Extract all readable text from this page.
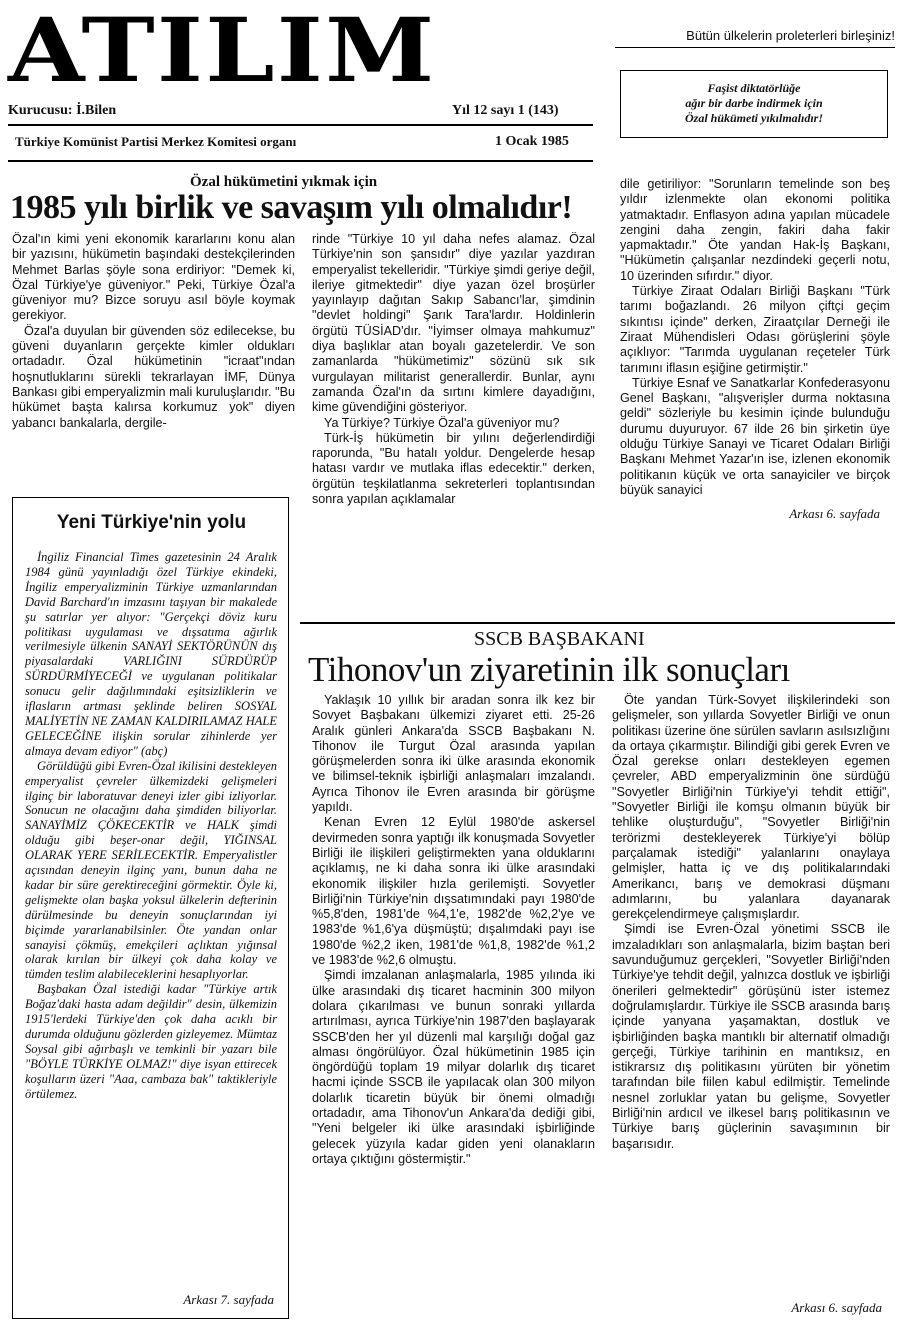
ATILIM	Bütün ülkelerin proleterleri birleşiniz!
Kurucusu: İ.Bilen	Yıl 12 sayı 1 (143)
Türkiye Komünist Partisi Merkez Komitesi organı	1 Ocak 1985
Faşist diktatörlüğe
ağır bir darbe indirmek için
Özal hükümeti yıkılmalıdır!
Özal hükümetini yıkmak için
1985 yılı birlik ve savaşım yılı olmalıdır!

Özal'ın kimi yeni ekonomik kararlarını konu alan bir yazısını, hükümetin başındaki destekçilerinden Mehmet Barlas şöyle sona erdiriyor: "Demek ki, Özal Türkiye'ye güveniyor." Peki, Türkiye Özal'a güveniyor mu? Bizce soruyu asıl böyle koymak gerekiyor.

Özal'a duyulan bir güvenden söz edilecekse, bu güveni duyanların gerçekte kimler oldukları ortadadır. Özal hükümetinin "icraat"ından hoşnutluklarını sürekli tekrarlayan İMF, Dünya Bankası gibi emperyalizmin mali kuruluşlarıdır. "Bu hükümet başta kalırsa korkumuz yok" diyen yabancı bankalarla, dergile-

rinde "Türkiye 10 yıl daha nefes alamaz. Özal Türkiye'nin son şansıdır" diye yazılar yazdıran emperyalist tekelleridir. "Türkiye şimdi geriye değil, ileriye gitmektedir" diye yazan özel broşürler yayınlayıp dağıtan Sakıp Sabancı'lar, şimdinin "devlet holdingi" Şarık Tara'lardır. Holdinlerin örgütü TÜSİAD'dır. "İyimser olmaya mahkumuz" diya başlıklar atan boyalı gazetelerdir. Ve son zamanlarda "hükümetimiz" sözünü sık sık vurgulayan militarist generallerdir. Bunlar, aynı zamanda Özal'ın da sırtını kimlere dayadığını, kime güvendiğini gösteriyor.

Ya Türkiye? Türkiye Özal'a güveniyor mu?

Türk-İş hükümetin bir yılını değerlendirdiği raporunda, "Bu hatalı yoldur. Dengelerde hesap hatası vardır ve mutlaka iflas edecektir." derken, örgütün teşkilatlanma sekreterleri toplantısından sonra yapılan açıklamalar

dile getiriliyor: "Sorunların temelinde son beş yıldır izlenmekte olan ekonomi politika yatmaktadır. Enflasyon adına yapılan mücadele zengini daha zengin, fakiri daha fakir yapmaktadır." Öte yandan Hak-İş Başkanı, "Hükümetin çalışanlar nezdindeki geçerli notu, 10 üzerinden sıfırdır." diyor.

Türkiye Ziraat Odaları Birliği Başkanı "Türk tarımı boğazlandı. 26 milyon çiftçi geçim sıkıntısı içinde" derken, Ziraatçılar Derneği ile Ziraat Mühendisleri Odası görüşlerini şöyle açıklıyor: "Tarımda uygulanan reçeteler Türk tarımını iflasın eşiğine getirmiştir."

Türkiye Esnaf ve Sanatkarlar Konfederasyonu Genel Başkanı, "alışverişler durma noktasına geldi" sözleriyle bu kesimin içinde bulunduğu durumu duyuruyor. 67 ilde 26 bin şirketin üye olduğu Türkiye Sanayi ve Ticaret Odaları Birliği Başkanı Mehmet Yazar'ın ise, izlenen ekonomik politikanın küçük ve orta sanayiciler ve birçok büyük sanayici

Arkası 6. sayfada
Yeni Türkiye'nin yolu

İngiliz Financial Times gazetesinin 24 Aralık 1984 günü yayınladığı özel Türkiye ekindeki, İngiliz emperyalizminin Türkiye uzmanlarından David Barchard'ın imzasını taşıyan bir makalede şu satırlar yer alıyor: "Gerçekçi döviz kuru politikası uygulaması ve dışsatıma ağırlık verilmesiyle ülkenin SANAYİ SEKTÖRÜNÜN dış piyasalardaki VARLIĞINI SÜRDÜRÜP SÜRDÜRMİYECEĞİ ve uygulanan politikalar sonucu gelir dağılımındaki eşitsizliklerin ve iflasların artması şeklinde beliren SOSYAL MALİYETİN NE ZAMAN KALDIRILAMAZ HALE GELECEĞİNE ilişkin sorular zihinlerde yer almaya devam ediyor" (abç)

Görüldüğü gibi Evren-Özal ikilisini destekleyen emperyalist çevreler ülkemizdeki gelişmeleri ilginç bir laboratuvar deneyi izler gibi izliyorlar. Sonucun ne olacağını daha şimdiden biliyorlar. SANAYİMİZ ÇÖKECEKTİR ve HALK şimdi olduğu gibi beşer-onar değil, YIĞINSAL OLARAK YERE SERİLECEKTİR. Emperyalistler açısından deneyin ilginç yanı, bunun daha ne kadar bir süre gerektireceğini görmektir. Öyle ki, gelişmekte olan başka yoksul ülkelerin defterinin dürülmesinde bu deneyin sonuçlarından iyi biçimde yararlanabilsinler. Öte yandan onlar sanayisi çökmüş, emekçileri açlıktan yığınsal olarak kırılan bir ülkeyi çok daha kolay ve tümden teslim alabileceklerini hesaplıyorlar.

Başbakan Özal istediği kadar "Türkiye artık Boğaz'daki hasta adam değildir" desin, ülkemizin 1915'lerdeki Türkiye'den çok daha acıklı bir durumda olduğunu gözlerden gizleyemez. Mümtaz Soysal gibi ağırbaşlı ve temkinli bir yazarı bile "BÖYLE TÜRKİYE OLMAZ!" diye isyan ettirecek koşulların üzeri "Aaa, cambaza bak" taktikleriyle örtülemez.

Arkası 7. sayfada
SSCB BAŞBAKANI
Tihonov'un ziyaretinin ilk sonuçları

Yaklaşık 10 yıllık bir aradan sonra ilk kez bir Sovyet Başbakanı ülkemizi ziyaret etti. 25-26 Aralık günleri Ankara'da SSCB Başbakanı N. Tihonov ile Turgut Özal arasında yapılan görüşmelerden sonra iki ülke arasında ekonomik ve bilimsel-teknik işbirliği anlaşmaları imzalandı. Ayrıca Tihonov ile Evren arasında bir görüşme yapıldı.

Kenan Evren 12 Eylül 1980'de askersel devirmeden sonra yaptığı ilk konuşmada Sovyetler Birliği ile ilişkileri geliştirmekten yana olduklarını açıklamış, ne ki daha sonra iki ülke arasındaki ekonomik ilişkiler hızla gerilemişti. Sovyetler Birliği'nin Türkiye'nin dışsatımındaki payı 1980'de %5,8'den, 1981'de %4,1'e, 1982'de %2,2'ye ve 1983'de %1,6'ya düşmüştü; dışalımdaki payı ise 1980'de %2,2 iken, 1981'de %1,8, 1982'de %1,2 ve 1983'de %2,6 olmuştu.

Şimdi imzalanan anlaşmalarla, 1985 yılında iki ülke arasındaki dış ticaret hacminin 300 milyon dolara çıkarılması ve bunun sonraki yıllarda artırılması, ayrıca Türkiye'nin 1987'den başlayarak SSCB'den her yıl düzenli mal karşılığı doğal gaz alması öngörülüyor. Özal hükümetinin 1985 için öngördüğü toplam 19 milyar dolarlık dış ticaret hacmi içinde SSCB ile yapılacak olan 300 milyon dolarlık ticaretin büyük bir önemi olmadığı ortadadır, ama Tihonov'un Ankara'da dediği gibi, "Yeni belgeler iki ülke arasındaki işbirliğinde gelecek yüzyıla kadar giden yeni olanakların ortaya çıktığını göstermiştir."

Öte yandan Türk-Sovyet ilişkilerindeki son gelişmeler, son yıllarda Sovyetler Birliği ve onun politikası üzerine öne sürülen savların asılsızlığını da ortaya çıkarmıştır. Bilindiği gibi gerek Evren ve Özal gerekse onları destekleyen egemen çevreler, ABD emperyalizminin öne sürdüğü "Sovyetler Birliği'nin Türkiye'yi tehdit ettiği", "Sovyetler Birliği ile komşu olmanın büyük bir tehlike oluşturduğu", "Sovyetler Birliği'nin terörizmi destekleyerek Türkiye'yi bölüp parçalamak istediği" yalanlarını onaylaya gelmişler, hatta iç ve dış politikalarındaki Amerikancı, barış ve demokrasi düşmanı adımlarını, bu yalanlara dayanarak gerekçelendirmeye çalışmışlardır.

Şimdi ise Evren-Özal yönetimi SSCB ile imzaladıkları son anlaşmalarla, bizim baştan beri savunduğumuz gerçekleri, "Sovyetler Birliği'nden Türkiye'ye tehdit değil, yalnızca dostluk ve işbirliği önerileri gelmektedir" görüşünü ister istemez doğrulamışlardır. Türkiye ile SSCB arasında barış içinde yanyana yaşamaktan, dostluk ve işbirliğinden başka mantıklı bir alternatif olmadığı gerçeği, Türkiye tarihinin en mantıksız, en istikrarsız dış politikasını yürüten bir yönetim tarafından bile fiilen kabul edilmiştir. Temelinde nesnel zorluklar yatan bu gelişme, Sovyetler Birliği'nin ardıcıl ve ilkesel barış politikasının ve Türkiye barış güçlerinin savaşımının bir başarısıdır.

Arkası 6. sayfada
